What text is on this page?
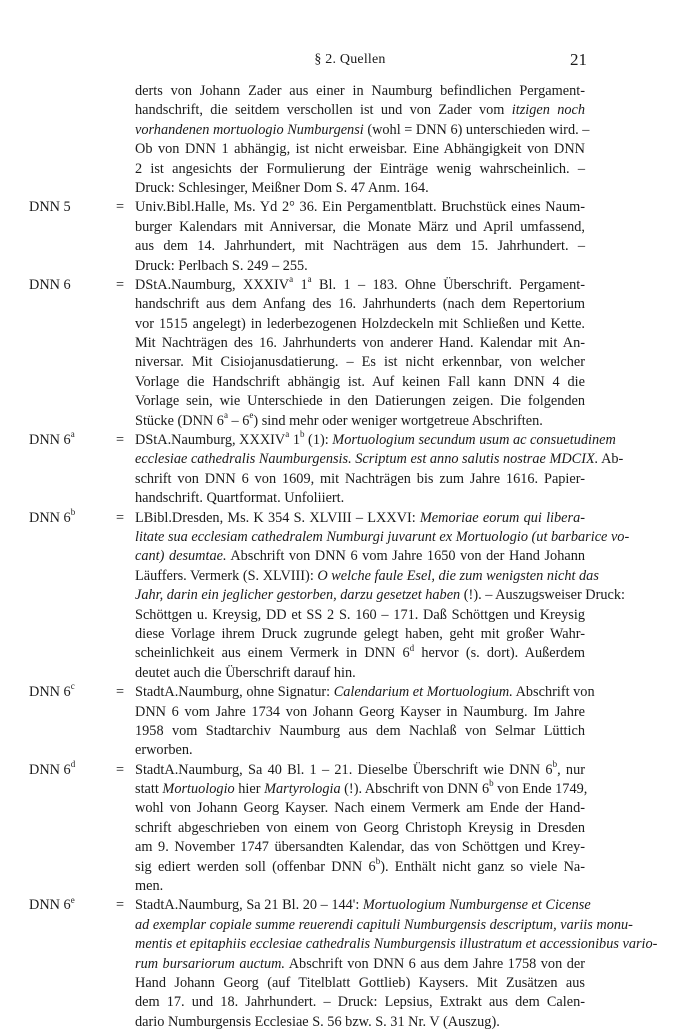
§ 2. Quellen	21
derts von Johann Zader aus einer in Naumburg befindlichen Pergament-
handschrift, die seitdem verschollen ist und von Zader vom itzigen noch
vorhandenen mortuologio Numburgensi (wohl = DNN 6) unterschieden wird. –
Ob von DNN 1 abhängig, ist nicht erweisbar. Eine Abhängigkeit von DNN
2 ist angesichts der Formulierung der Einträge wenig wahrscheinlich. –
Druck: Schlesinger, Meißner Dom S. 47 Anm. 164.
DNN 5	= Univ.Bibl.Halle, Ms. Yd 2° 36. Ein Pergamentblatt. Bruchstück eines Naum-
burger Kalendars mit Anniversar, die Monate März und April umfassend,
aus dem 14. Jahrhundert, mit Nachträgen aus dem 15. Jahrhundert. –
Druck: Perlbach S. 249 – 255.
DNN 6	= DStA.Naumburg, XXXIV$^a$ 1$^a$ Bl. 1 – 183. Ohne Überschrift. Pergament-
handschrift aus dem Anfang des 16. Jahrhunderts (nach dem Repertorium
vor 1515 angelegt) in lederbezogenen Holzdeckeln mit Schließen und Kette.
Mit Nachträgen des 16. Jahrhunderts von anderer Hand. Kalendar mit An-
niversar. Mit Cisiojanusdatierung. – Es ist nicht erkennbar, von welcher
Vorlage die Handschrift abhängig ist. Auf keinen Fall kann DNN 4 die
Vorlage sein, wie Unterschiede in den Datierungen zeigen. Die folgenden
Stücke (DNN 6$^a$ – 6e) sind mehr oder weniger wortgetreue Abschriften.
DNN $6^a$	= DStA.Naumburg, XXXIV$^a$ 1$^b$ (1): Mortuologium secundum usum ac consuetudinem
ecclesiae cathedralis Naumburgensis. Scriptum est anno salutis nostrae MDCIX. Ab-
schrift von DNN 6 von 1609, mit Nachträgen bis zum Jahre 1616. Papier-
handschrift. Quartformat. Unfoliiert.
DNN $6^b$	= LBibl.Dresden, Ms. K 354 S. XLVIII – LXXVI: Memoriae eorum qui libera-
litate sua ecclesiam cathedralem Numburgi juvarunt ex Mortuologio (ut barbarice vo-
cant) desumtae. Abschrift von DNN 6 vom Jahre 1650 von der Hand Johann
Läuffers. Vermerk (S. XLVIII): O welche faule Esel, die zum wenigsten nicht das
Jahr, darin ein jeglicher gestorben, darzu gesetzet haben (!). – Auszugsweiser Druck:
Schöttgen u. Kreysig, DD et SS 2 S. 160 – 171. Daß Schöttgen und Kreysig
diese Vorlage ihrem Druck zugrunde gelegt haben, geht mit großer Wahr-
scheinlichkeit aus einem Vermerk in DNN 6$^d$ hervor (s. dort). Außerdem
deutet auch die Überschrift darauf hin.
DNN $6^c$	= StadtA.Naumburg, ohne Signatur: Calendarium et Mortuologium. Abschrift von
DNN 6 vom Jahre 1734 von Johann Georg Kayser in Naumburg. Im Jahre
1958 vom Stadtarchiv Naumburg aus dem Nachlaß von Selmar Lüttich
erworben.
DNN $6^d$	= StadtA.Naumburg, Sa 40 Bl. 1 – 21. Dieselbe Überschrift wie DNN 6$^b$, nur
statt Mortuologio hier Martyrologia (!). Abschrift von DNN 6$^b$ von Ende 1749,
wohl von Johann Georg Kayser. Nach einem Vermerk am Ende der Hand-
schrift abgeschrieben von einem von Georg Christoph Kreysig in Dresden
am 9. November 1747 übersandten Kalendar, das von Schöttgen und Krey-
sig ediert werden soll (offenbar DNN 6$^b$). Enthält nicht ganz so viele Na-
men.
DNN $6^e$	= StadtA.Naumburg, Sa 21 Bl. 20 – 144': Mortuologium Numburgense et Cicense
ad exemplar copiale summe reuerendi capituli Numburgensis descriptum, variis monu-
mentis et epitaphiis ecclesiae cathedralis Numburgensis illustratum et accessionibus vario-
rum bursariorum auctum. Abschrift von DNN 6 aus dem Jahre 1758 von der
Hand Johann Georg (auf Titelblatt Gottlieb) Kaysers. Mit Zusätzen aus
dem 17. und 18. Jahrhundert. – Druck: Lepsius, Extrakt aus dem Calen-
dario Numburgensis Ecclesiae S. 56 bzw. S. 31 Nr. V (Auszug).
